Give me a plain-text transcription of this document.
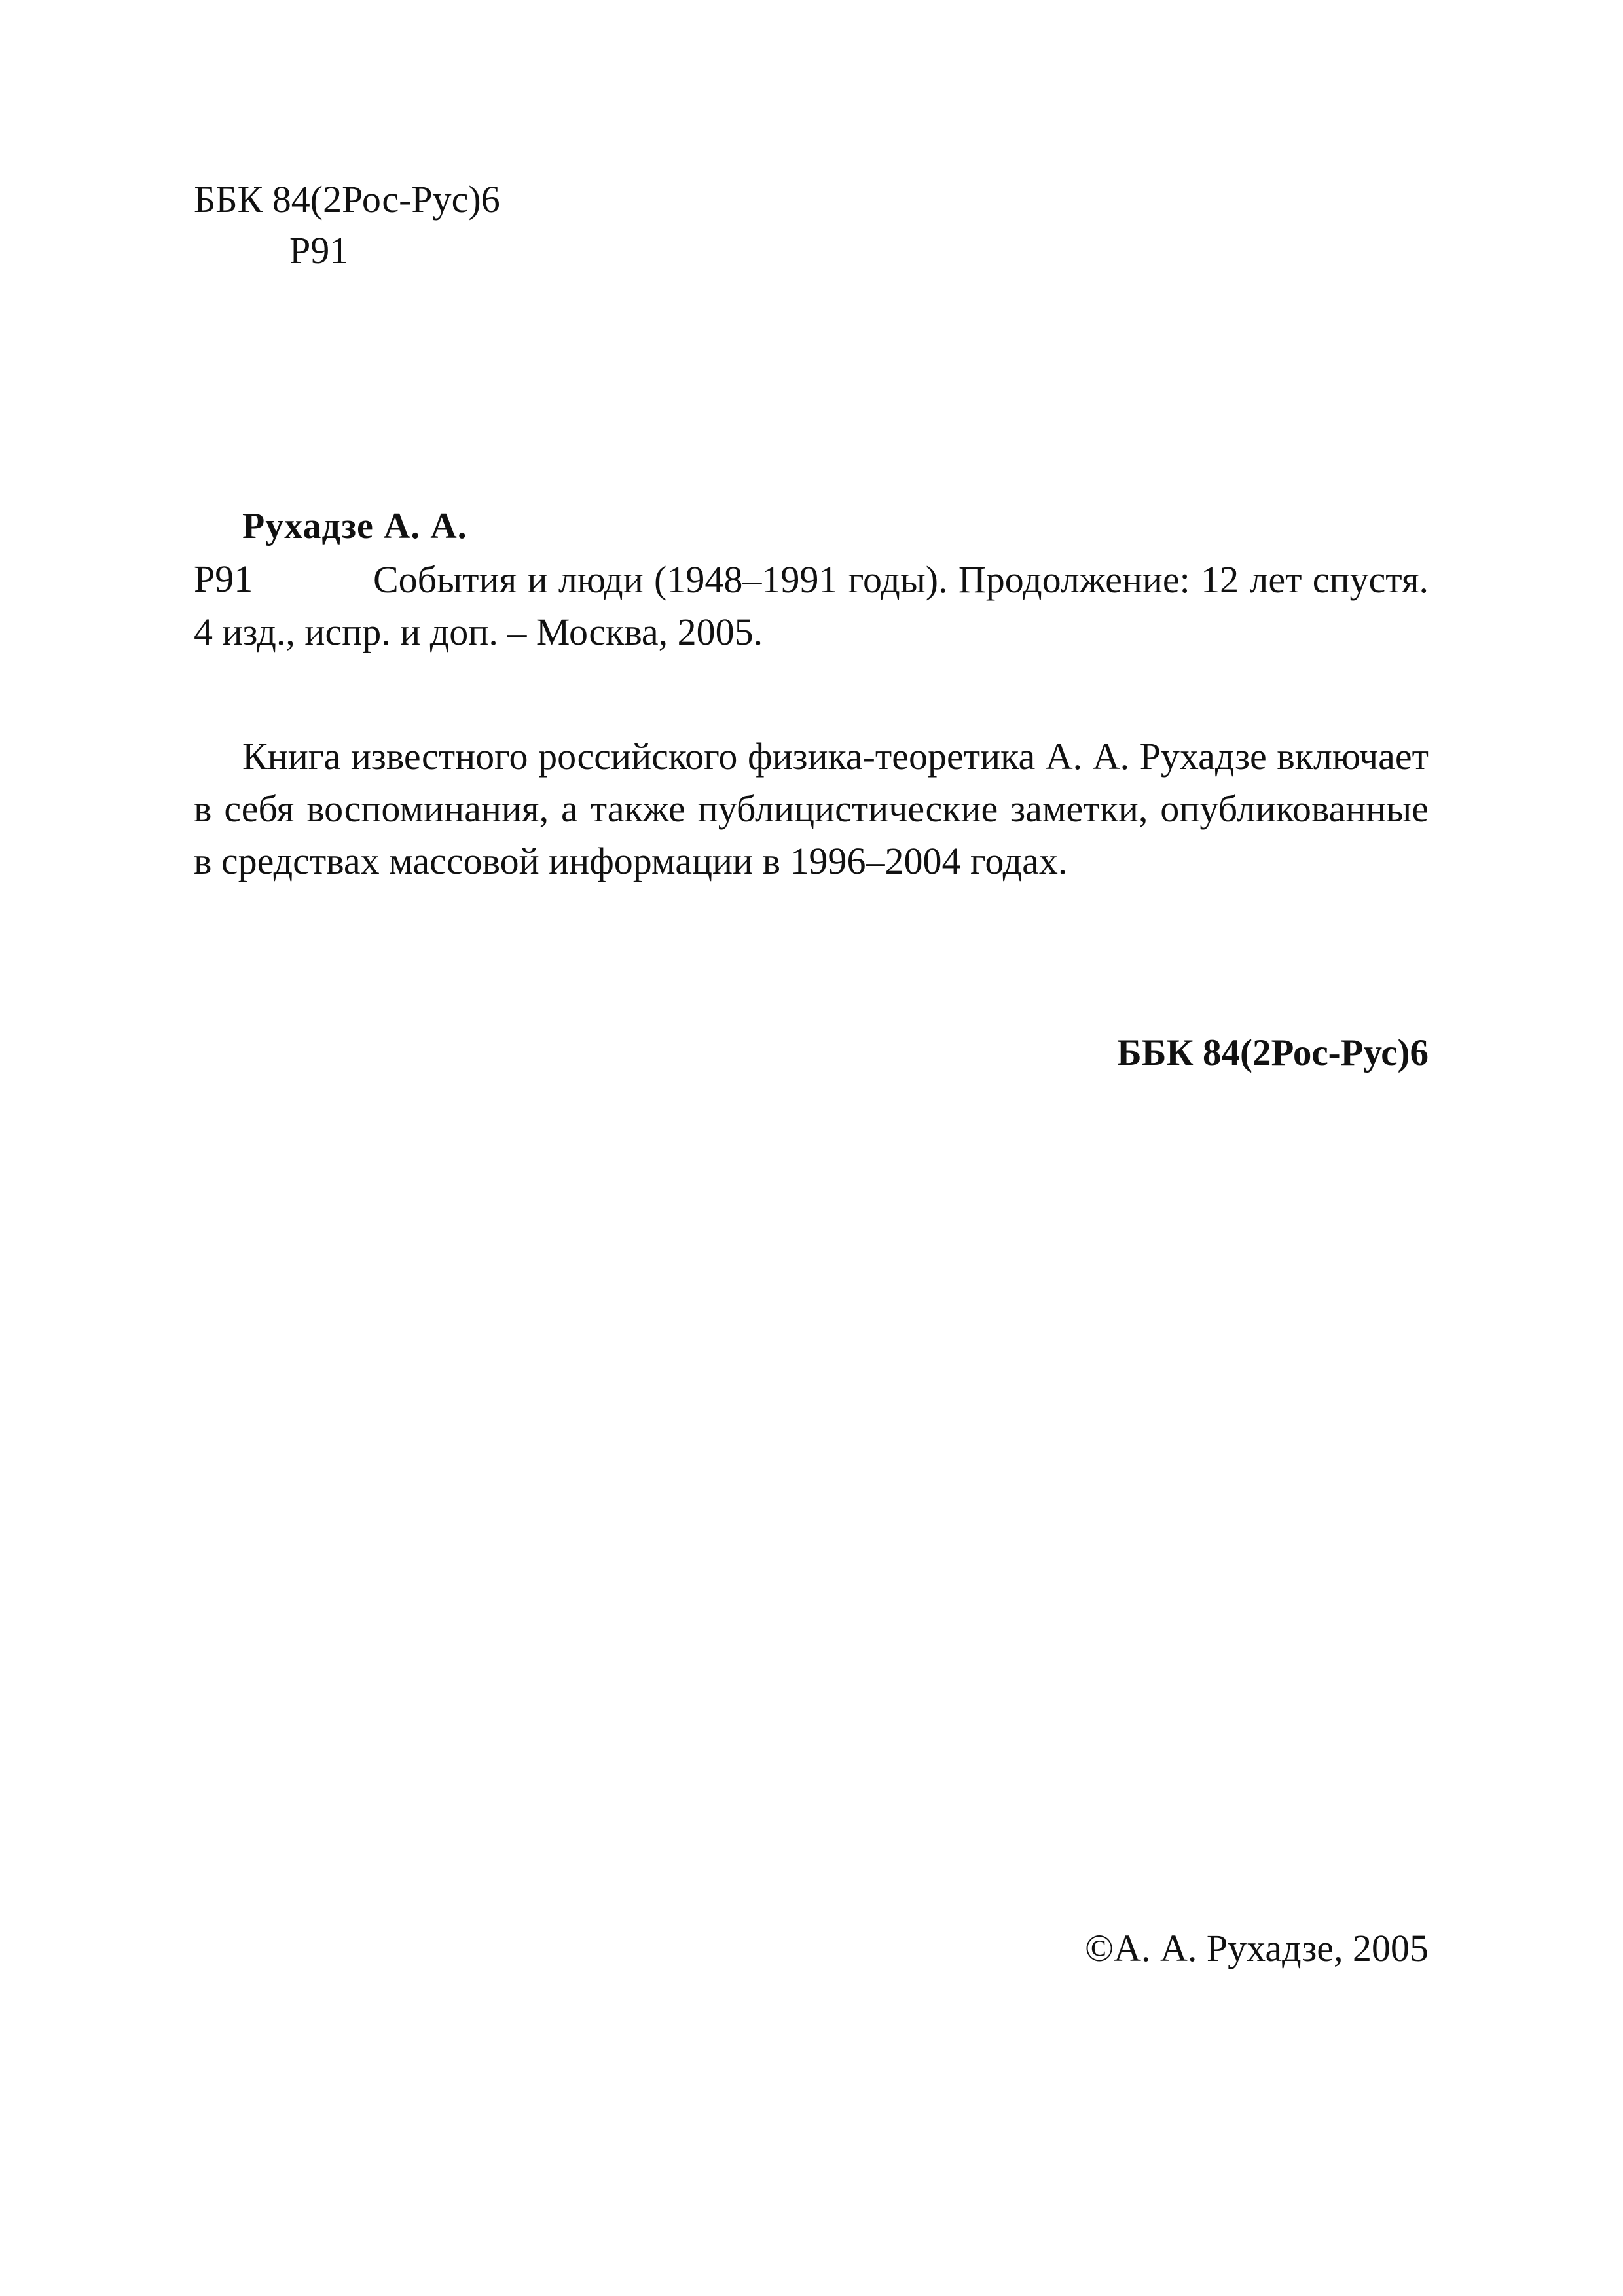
ББК 84(2Рос-Рус)6
Р91
Рухадзе А. А.
Р91	События и люди (1948–1991 годы). Продолжение: 12 лет спустя. 4 изд., испр. и доп. – Москва, 2005.

Книга известного российского физика-теоретика А. А. Рухадзе включает в себя воспоминания, а также публицистические заметки, опубликованные в средствах массовой информации в 1996–2004 годах.

ББК 84(2Рос-Рус)6
©А. А. Рухадзе, 2005
